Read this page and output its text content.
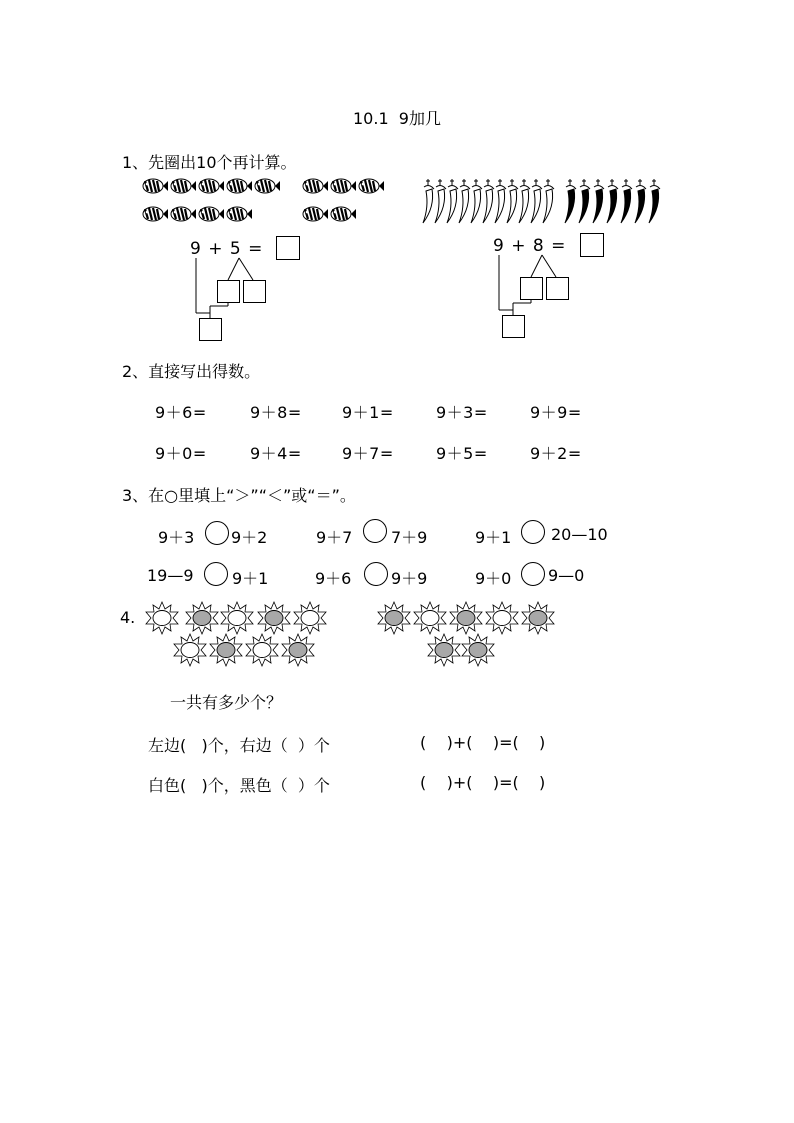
10.1  9加几
1、先圈出10个再计算。
9 + 5 =	9 + 8 =
2、直接写出得数。
9＋6=	9＋8=	9＋1=	9＋3=	9＋9=
9＋0=	9＋4=	9＋7=	9＋5=	9＋2=
3、在○里填上“＞”“＜”或“＝”。
9＋3 9＋2	9＋7 7＋9	9＋1 20—10
19—9 9＋1	9＋6 9＋9	9＋0 9—0
4.
一共有多少个？
左边(   )个，右边（  ）个	(    )+(    )=(    )
白色(   )个，黑色（  ）个	(    )+(    )=(    )
